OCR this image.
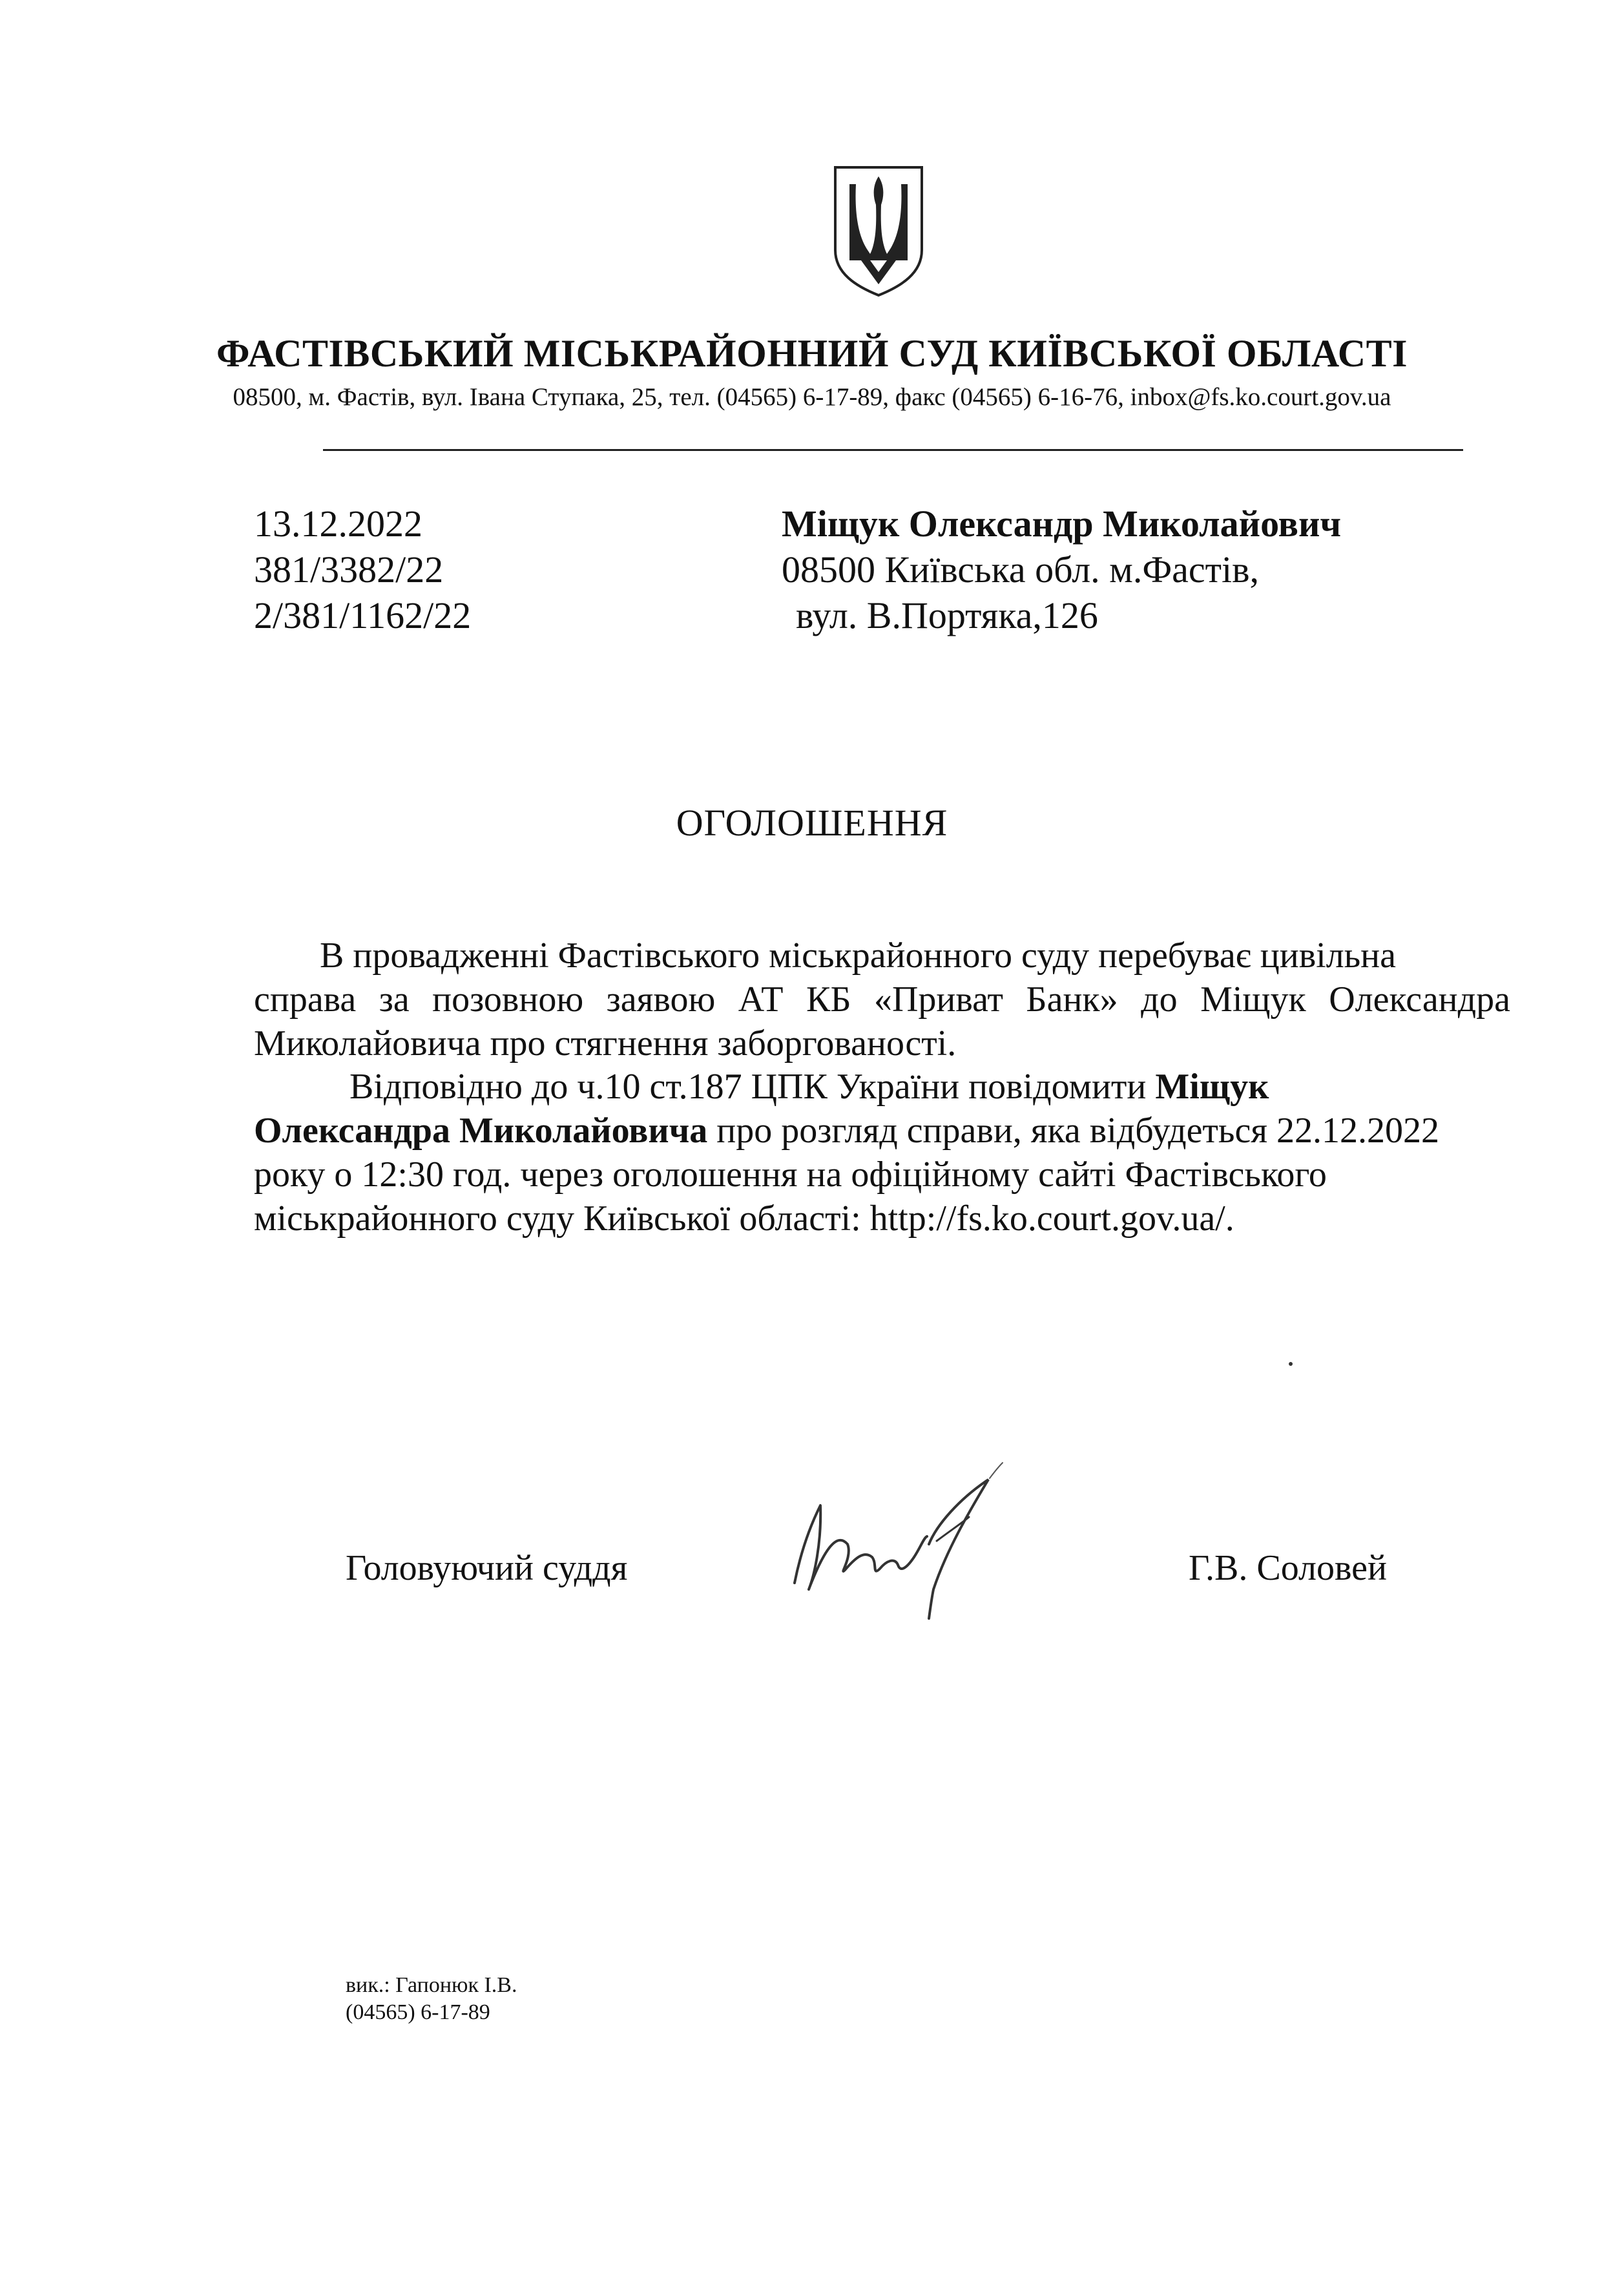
ФАСТІВСЬКИЙ МІСЬКРАЙОННИЙ СУД КИЇВСЬКОЇ ОБЛАСТІ
08500, м. Фастів, вул. Івана Ступака, 25, тел. (04565) 6-17-89, факс (04565) 6-16-76, inbox@fs.ko.court.gov.ua
13.12.2022
381/3382/22
2/381/1162/22
Міщук Олександр Миколайович
08500 Київська обл. м.Фастів,
вул. В.Портяка,126
ОГОЛОШЕННЯ
В провадженні Фастівського міськрайонного суду перебуває цивільна
справа за позовною заявою АТ КБ «Приват Банк» до Міщук Олександра Миколайовича про стягнення заборгованості.
Відповідно до ч.10 ст.187 ЦПК України повідомити Міщук
Олександра Миколайовича про розгляд справи, яка відбудеться 22.12.2022
року о 12:30 год. через оголошення на офіційному сайті Фастівського
міськрайонного суду Київської області: http://fs.ko.court.gov.ua/.
Головуючий суддя	Г.В. Соловей
вик.: Гапонюк І.В.
(04565) 6-17-89
